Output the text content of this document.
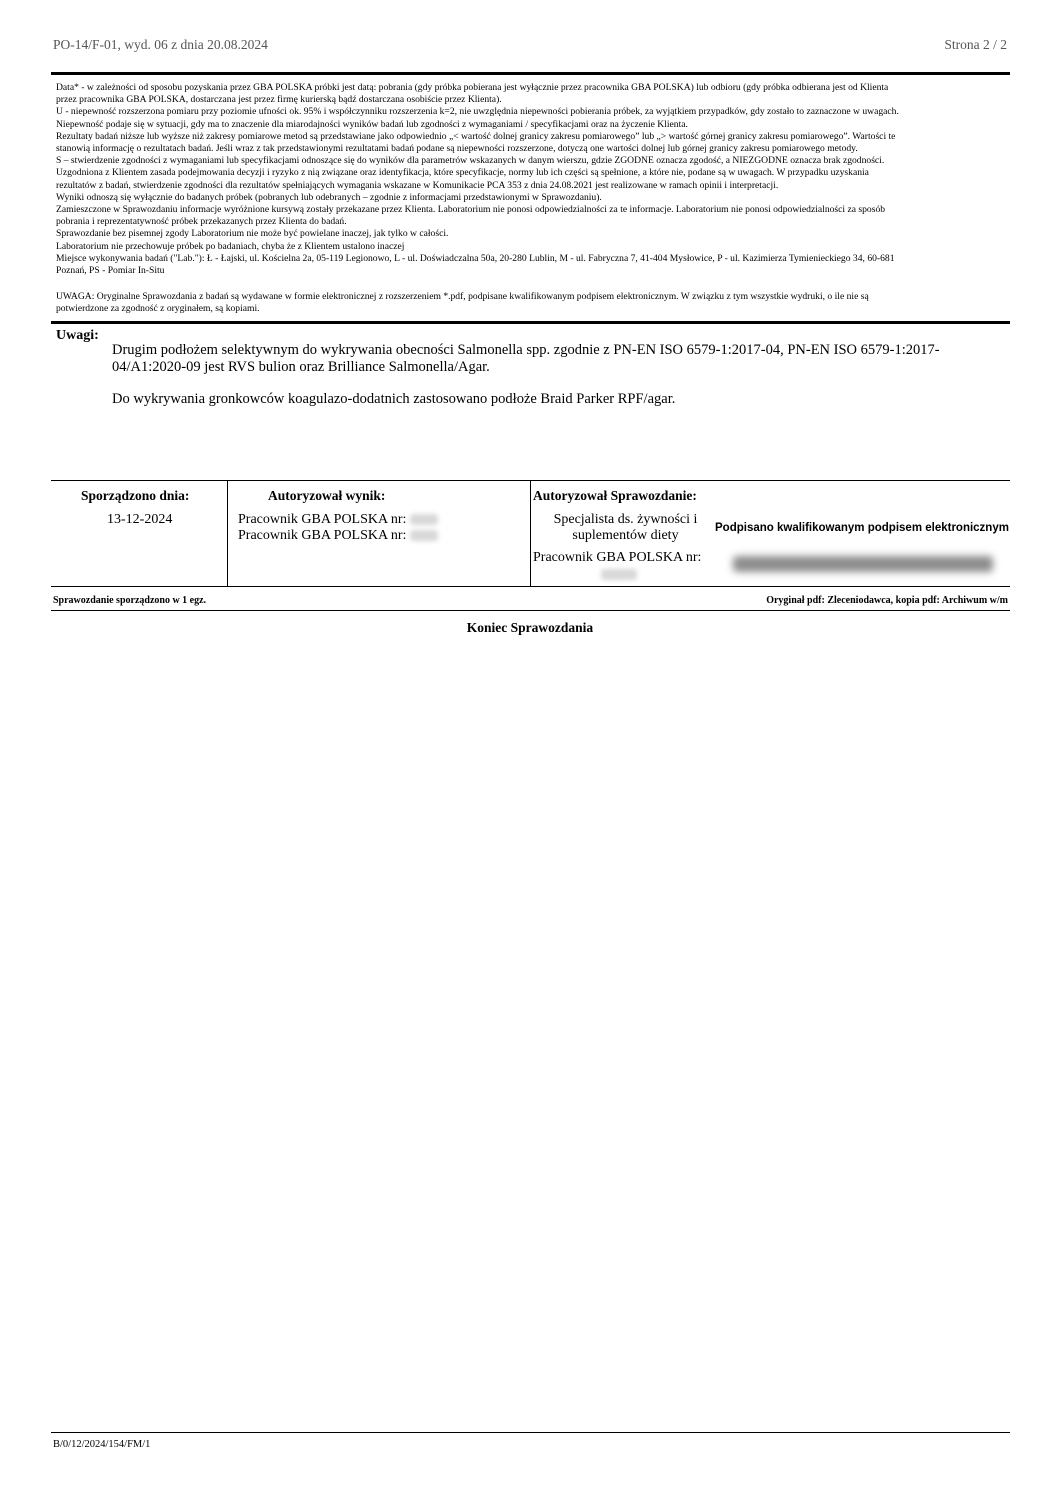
PO-14/F-01, wyd. 06 z dnia 20.08.2024	Strona 2 / 2
Data* - w zależności od sposobu pozyskania przez GBA POLSKA próbki jest datą: pobrania (gdy próbka pobierana jest wyłącznie przez pracownika GBA POLSKA) lub odbioru (gdy próbka odbierana jest od Klienta
przez pracownika GBA POLSKA, dostarczana jest przez firmę kurierską bądź dostarczana osobiście przez Klienta).
U - niepewność rozszerzona pomiaru przy poziomie ufności ok. 95% i współczynniku rozszerzenia k=2, nie uwzględnia niepewności pobierania próbek, za wyjątkiem przypadków, gdy zostało to zaznaczone w uwagach.
Niepewność podaje się w sytuacji, gdy ma to znaczenie dla miarodajności wyników badań lub zgodności z wymaganiami / specyfikacjami oraz na życzenie Klienta.
Rezultaty badań niższe lub wyższe niż zakresy pomiarowe metod są przedstawiane jako odpowiednio „< wartość dolnej granicy zakresu pomiarowego” lub „> wartość górnej granicy zakresu pomiarowego”. Wartości te
stanowią informację o rezultatach badań. Jeśli wraz z tak przedstawionymi rezultatami badań podane są niepewności rozszerzone, dotyczą one wartości dolnej lub górnej granicy zakresu pomiarowego metody.
S – stwierdzenie zgodności z wymaganiami lub specyfikacjami odnoszące się do wyników dla parametrów wskazanych w danym wierszu, gdzie ZGODNE oznacza zgodość, a NIEZGODNE oznacza brak zgodności.
Uzgodniona z Klientem zasada podejmowania decyzji i ryzyko z nią związane oraz identyfikacja, które specyfikacje, normy lub ich części są spełnione, a które nie, podane są w uwagach. W przypadku uzyskania
rezultatów z badań, stwierdzenie zgodności dla rezultatów spełniających wymagania wskazane w Komunikacie PCA 353 z dnia 24.08.2021 jest realizowane w ramach opinii i interpretacji.
Wyniki odnoszą się wyłącznie do badanych próbek (pobranych lub odebranych – zgodnie z informacjami przedstawionymi w Sprawozdaniu).
Zamieszczone w Sprawozdaniu informacje wyróżnione kursywą zostały przekazane przez Klienta. Laboratorium nie ponosi odpowiedzialności za te informacje. Laboratorium nie ponosi odpowiedzialności za sposób
pobrania i reprezentatywność próbek przekazanych przez Klienta do badań.
Sprawozdanie bez pisemnej zgody Laboratorium nie może być powielane inaczej, jak tylko w całości.
Laboratorium nie przechowuje próbek po badaniach, chyba że z Klientem ustalono inaczej
Miejsce wykonywania badań ("Lab."): Ł - Łajski, ul. Kościelna 2a, 05-119 Legionowo, L - ul. Doświadczalna 50a, 20-280 Lublin, M - ul. Fabryczna 7, 41-404 Mysłowice, P - ul. Kazimierza Tymienieckiego 34, 60-681
Poznań, PS - Pomiar In-Situ
UWAGA: Oryginalne Sprawozdania z badań są wydawane w formie elektronicznej z rozszerzeniem *.pdf, podpisane kwalifikowanym podpisem elektronicznym. W związku z tym wszystkie wydruki, o ile nie są
potwierdzone za zgodność z oryginałem, są kopiami.
Uwagi:

Drugim podłożem selektywnym do wykrywania obecności Salmonella spp. zgodnie z PN-EN ISO 6579-1:2017-04, PN-EN ISO 6579-1:2017-04/A1:2020-09 jest RVS bulion oraz Brilliance Salmonella/Agar.

Do wykrywania gronkowców koagulazo-dodatnich zastosowano podłoże Braid Parker RPF/agar.

Sporządzono dnia:
13-12-2024
Autoryzował wynik:
Pracownik GBA POLSKA nr:
Pracownik GBA POLSKA nr:
Autoryzował Sprawozdanie:
Specjalista ds. żywności i
suplementów diety
Pracownik GBA POLSKA nr:
Podpisano kwalifikowanym podpisem elektronicznym
Sprawozdanie sporządzono w 1 egz.	Oryginał pdf: Zleceniodawca, kopia pdf: Archiwum w/m
Koniec Sprawozdania
B/0/12/2024/154/FM/1
